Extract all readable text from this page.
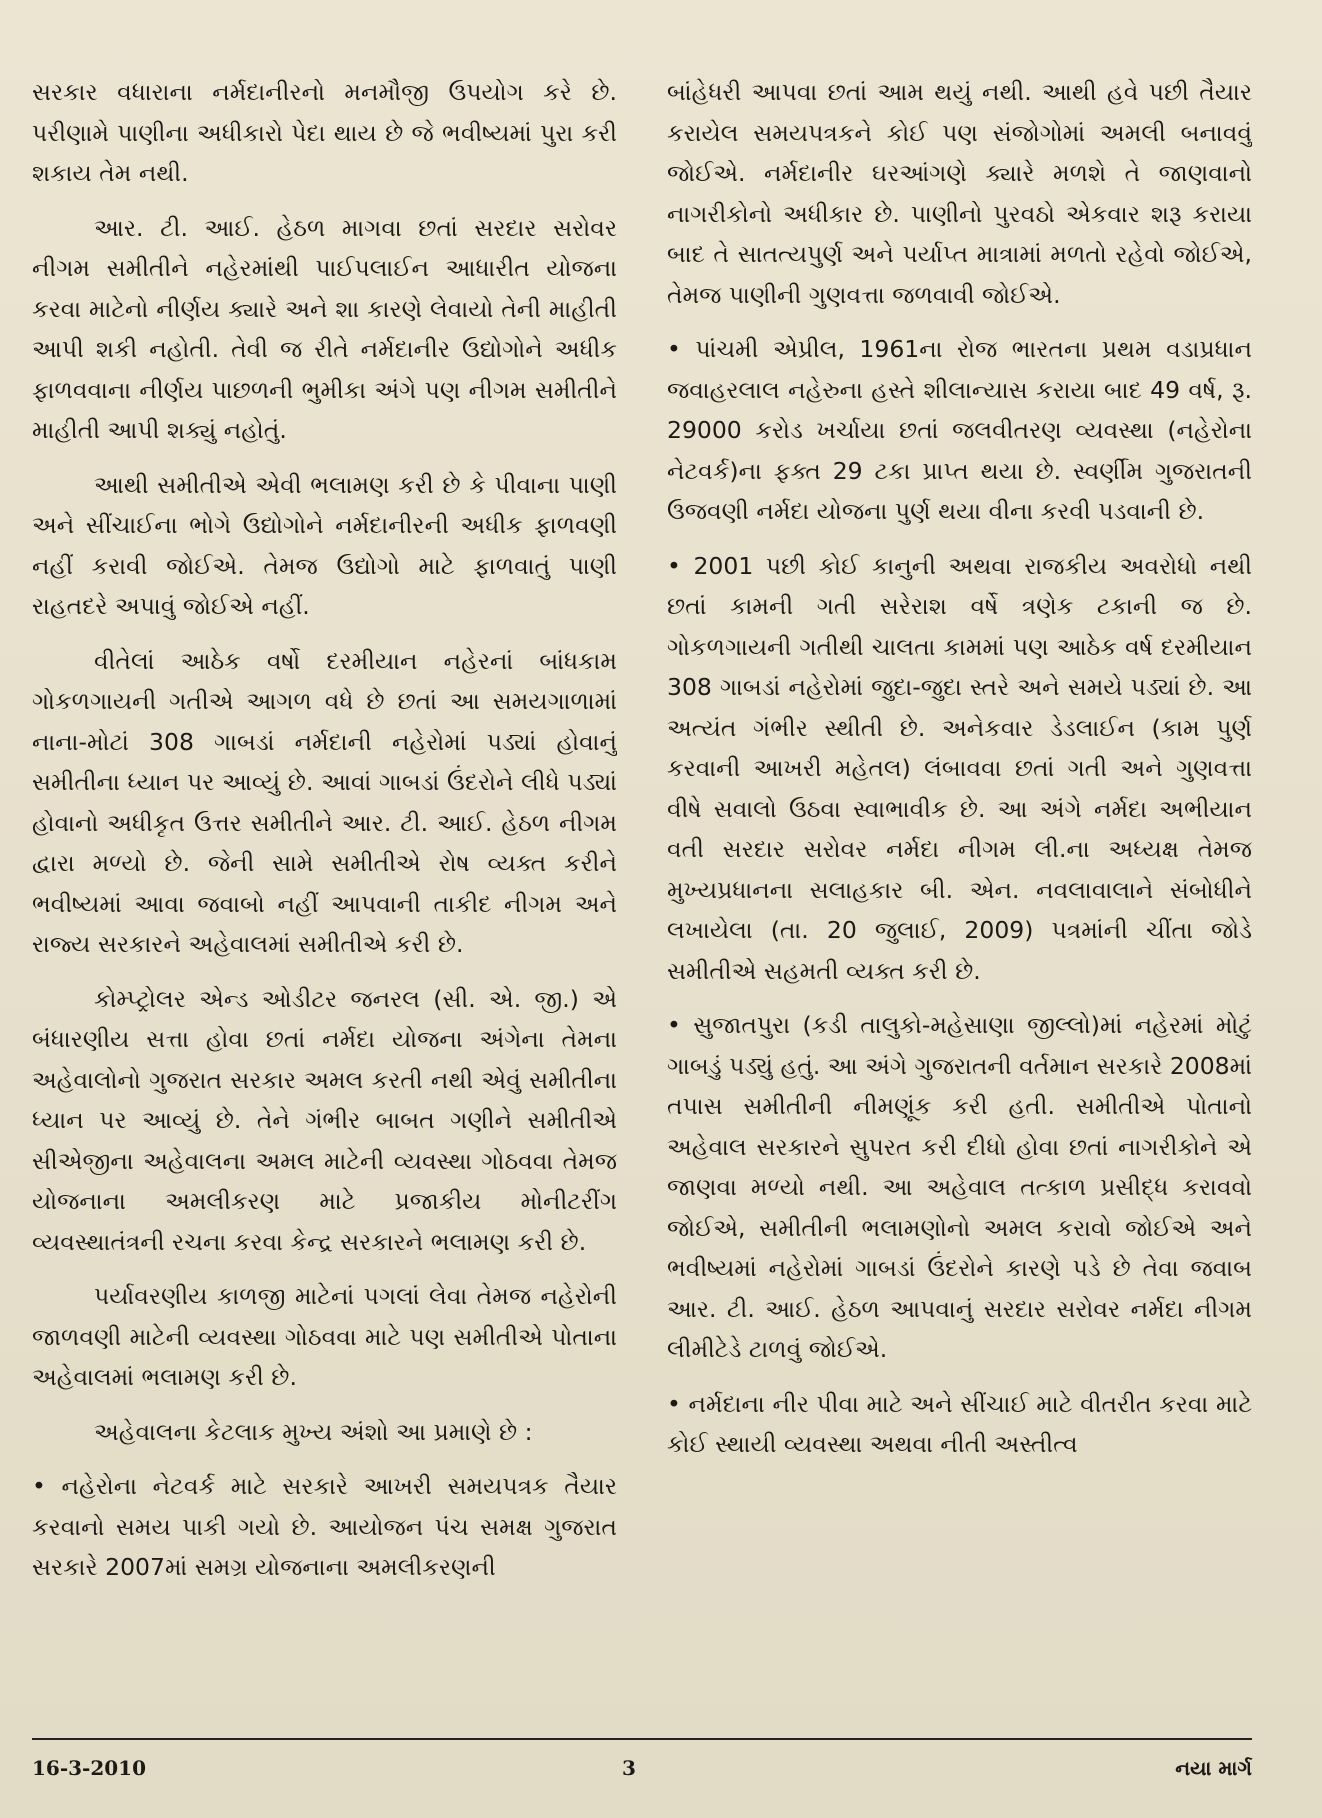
સરકાર વધારાના નર્મદાનીરનો મનમૌજી ઉપયોગ કરે છે. પરીણામે પાણીના અધીકારો પેદા થાય છે જે ભવીષ્યમાં પુરા કરી શકાય તેમ નથી.

આર. ટી. આઈ. હેઠળ માગવા છતાં સરદાર સરોવર નીગમ સમીતીને નહેરમાંથી પાઈપલાઈન આધારીત યોજના કરવા માટેનો નીર્ણય ક્યારે અને શા કારણે લેવાયો તેની માહીતી આપી શકી નહોતી. તેવી જ રીતે નર્મદાનીર ઉદ્યોગોને અધીક ફાળવવાના નીર્ણય પાછળની ભુમીકા અંગે પણ નીગમ સમીતીને માહીતી આપી શક્યું નહોતું.

આથી સમીતીએ એવી ભલામણ કરી છે કે પીવાના પાણી અને સીંચાઈના ભોગે ઉદ્યોગોને નર્મદાનીરની અધીક ફાળવણી નહીં કરાવી જોઈએ. તેમજ ઉદ્યોગો માટે ફાળવાતું પાણી રાહતદરે અપાવું જોઈએ નહીં.

વીતેલાં આઠેક વર્ષો દરમીયાન નહેરનાં બાંધકામ ગોકળગાયની ગતીએ આગળ વધે છે છતાં આ સમયગાળામાં નાના-મોટાં 308 ગાબડાં નર્મદાની નહેરોમાં પડ્યાં હોવાનું સમીતીના ધ્યાન પર આવ્યું છે. આવાં ગાબડાં ઉંદરોને લીધે પડ્યાં હોવાનો અધીકૃત ઉત્તર સમીતીને આર. ટી. આઈ. હેઠળ નીગમ દ્વારા મળ્યો છે. જેની સામે સમીતીએ રોષ વ્યક્ત કરીને ભવીષ્યમાં આવા જવાબો નહીં આપવાની તાકીદ નીગમ અને રાજ્ય સરકારને અહેવાલમાં સમીતીએ કરી છે.

કોમ્પ્ટ્રોલર એન્ડ ઓડીટર જનરલ (સી. એ. જી.) એ બંધારણીય સત્તા હોવા છતાં નર્મદા યોજના અંગેના તેમના અહેવાલોનો ગુજરાત સરકાર અમલ કરતી નથી એવું સમીતીના ધ્યાન પર આવ્યું છે. તેને ગંભીર બાબત ગણીને સમીતીએ સીએજીના અહેવાલના અમલ માટેની વ્યવસ્થા ગોઠવવા તેમજ યોજનાના અમલીકરણ માટે પ્રજાકીય મોનીટરીંગ વ્યવસ્થાતંત્રની રચના કરવા કેન્દ્ર સરકારને ભલામણ કરી છે.

પર્યાવરણીય કાળજી માટેનાં પગલાં લેવા તેમજ નહેરોની જાળવણી માટેની વ્યવસ્થા ગોઠવવા માટે પણ સમીતીએ પોતાના અહેવાલમાં ભલામણ કરી છે.

અહેવાલના કેટલાક મુખ્ય અંશો આ પ્રમાણે છે :

• નહેરોના નેટવર્ક માટે સરકારે આખરી સમયપત્રક તૈયાર કરવાનો સમય પાકી ગયો છે. આયોજન પંચ સમક્ષ ગુજરાત સરકારે 2007માં સમગ્ર યોજનાના અમલીકરણની

બાંહેધરી આપવા છતાં આમ થયું નથી. આથી હવે પછી તૈયાર કરાયેલ સમયપત્રકને કોઈ પણ સંજોગોમાં અમલી બનાવવું જોઈએ. નર્મદાનીર ઘરઆંગણે ક્યારે મળશે તે જાણવાનો નાગરીકોનો અધીકાર છે. પાણીનો પુરવઠો એકવાર શરૂ કરાયા બાદ તે સાતત્યપુર્ણ અને પર્યાપ્ત માત્રામાં મળતો રહેવો જોઈએ, તેમજ પાણીની ગુણવત્તા જળવાવી જોઈએ.

• પાંચમી એપ્રીલ, 1961ના રોજ ભારતના પ્રથમ વડાપ્રધાન જવાહરલાલ નહેરુના હસ્તે શીલાન્યાસ કરાયા બાદ 49 વર્ષ, રૂ. 29000 કરોડ ખર્ચાયા છતાં જલવીતરણ વ્યવસ્થા (નહેરોના નેટવર્ક)ના ફક્ત 29 ટકા પ્રાપ્ત થયા છે. સ્વર્ણીમ ગુજરાતની ઉજવણી નર્મદા યોજના પુર્ણ થયા વીના કરવી પડવાની છે.

• 2001 પછી કોઈ કાનુની અથવા રાજકીય અવરોધો નથી છતાં કામની ગતી સરેરાશ વર્ષે ત્રણેક ટકાની જ છે. ગોકળગાયની ગતીથી ચાલતા કામમાં પણ આઠેક વર્ષ દરમીયાન 308 ગાબડાં નહેરોમાં જુદા-જુદા સ્તરે અને સમયે પડ્યાં છે. આ અત્યંત ગંભીર સ્થીતી છે. અનેકવાર ડેડલાઈન (કામ પુર્ણ કરવાની આખરી મહેતલ) લંબાવવા છતાં ગતી અને ગુણવત્તા વીષે સવાલો ઉઠવા સ્વાભાવીક છે. આ અંગે નર્મદા અભીયાન વતી સરદાર સરોવર નર્મદા નીગમ લી.ના અધ્યક્ષ તેમજ મુખ્યપ્રધાનના સલાહકાર બી. એન. નવલાવાલાને સંબોધીને લખાયેલા (તા. 20 જુલાઈ, 2009) પત્રમાંની ચીંતા જોડે સમીતીએ સહમતી વ્યક્ત કરી છે.

• સુજાતપુરા (કડી તાલુકો-મહેસાણા જીલ્લો)માં નહેરમાં મોટું ગાબડું પડ્યું હતું. આ અંગે ગુજરાતની વર્તમાન સરકારે 2008માં તપાસ સમીતીની નીમણૂંક કરી હતી. સમીતીએ પોતાનો અહેવાલ સરકારને સુપરત કરી દીધો હોવા છતાં નાગરીકોને એ જાણવા મળ્યો નથી. આ અહેવાલ તત્કાળ પ્રસીદ્ધ કરાવવો જોઈએ, સમીતીની ભલામણોનો અમલ કરાવો જોઈએ અને ભવીષ્યમાં નહેરોમાં ગાબડાં ઉંદરોને કારણે પડે છે તેવા જવાબ આર. ટી. આઈ. હેઠળ આપવાનું સરદાર સરોવર નર્મદા નીગમ લીમીટેડે ટાળવું જોઈએ.

• નર્મદાના નીર પીવા માટે અને સીંચાઈ માટે વીતરીત કરવા માટે કોઈ સ્થાયી વ્યવસ્થા અથવા નીતી અસ્તીત્વ

16-3-2010	3	નયા માર્ગ
